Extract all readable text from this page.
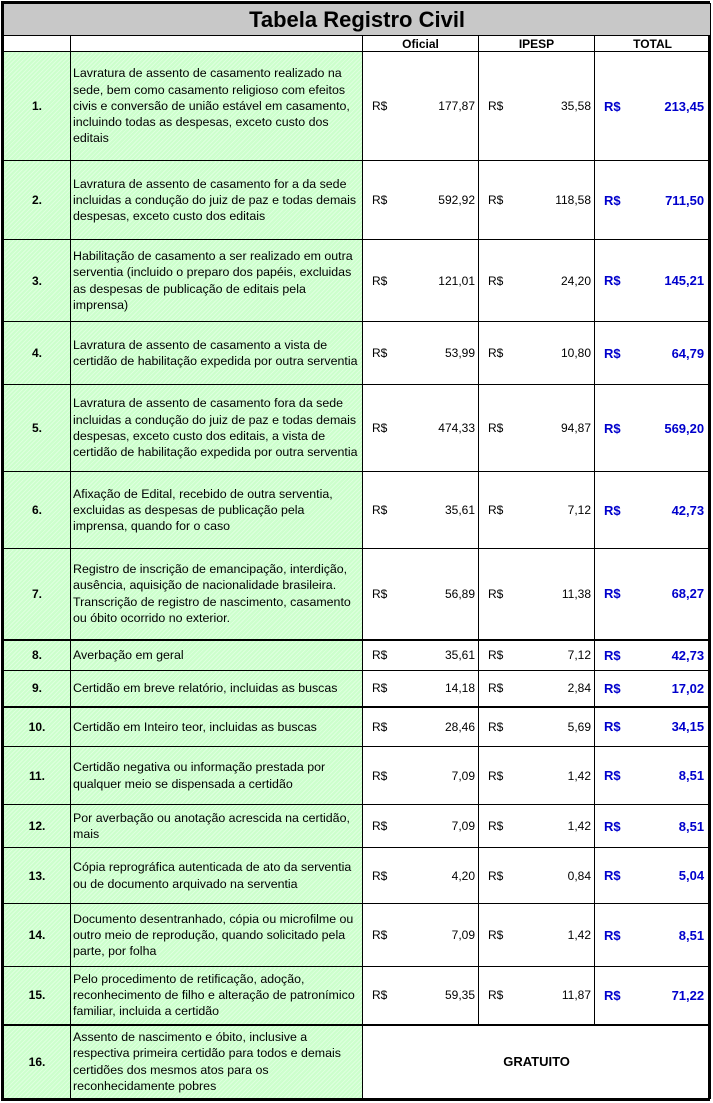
Tabela Registro Civil							
		Oficial		IPESP		TOTAL	
1.	Lavratura de assento de casamento realizado na sede, bem como casamento religioso com efeitos civis e conversão de união estável em casamento, incluindo todas as despesas, exceto custo dos editais	R$	177,87	R$	35,58	R$	213,45
2.	Lavratura de assento de casamento for a da sede incluidas a condução do juiz de paz e todas demais despesas, exceto custo dos editais	R$	592,92	R$	118,58	R$	711,50
3.	Habilitação de casamento a ser realizado em outra serventia (incluido o preparo dos papéis, excluidas as despesas de publicação de editais pela imprensa)	R$	121,01	R$	24,20	R$	145,21
4.	Lavratura de assento de casamento a vista de certidão de habilitação expedida por outra serventia	R$	53,99	R$	10,80	R$	64,79
5.	Lavratura de assento de casamento fora da sede incluidas a condução do juiz de paz e todas demais despesas, exceto custo dos editais, a vista de certidão de habilitação expedida por outra serventia	R$	474,33	R$	94,87	R$	569,20
6.	Afixação de Edital, recebido de outra serventia, excluidas as despesas de publicação pela imprensa, quando for o caso	R$	35,61	R$	7,12	R$	42,73
7.	Registro de inscrição de emancipação, interdição, ausência, aquisição de nacionalidade brasileira. Transcrição de registro de nascimento, casamento ou óbito ocorrido no exterior.	R$	56,89	R$	11,38	R$	68,27
8.	Averbação em geral	R$	35,61	R$	7,12	R$	42,73
9.	Certidão em breve relatório, incluidas as buscas	R$	14,18	R$	2,84	R$	17,02
10.	Certidão em Inteiro teor, incluidas as buscas	R$	28,46	R$	5,69	R$	34,15
11.	Certidão negativa ou informação prestada por qualquer meio se dispensada a certidão	R$	7,09	R$	1,42	R$	8,51
12.	Por averbação ou anotação acrescida na certidão, mais	R$	7,09	R$	1,42	R$	8,51
13.	Cópia reprográfica autenticada de ato da serventia ou de documento arquivado na serventia	R$	4,20	R$	0,84	R$	5,04
14.	Documento desentranhado, cópia ou microfilme ou outro meio de reprodução, quando solicitado pela parte, por folha	R$	7,09	R$	1,42	R$	8,51
15.	Pelo procedimento de retificação, adoção, reconhecimento de filho e alteração de patronímico familiar, incluida a certidão	R$	59,35	R$	11,87	R$	71,22
16.	Assento de nascimento e óbito, inclusive a respectiva primeira certidão para todos e demais certidões dos mesmos atos para os reconhecidamente pobres	GRATUITO					
